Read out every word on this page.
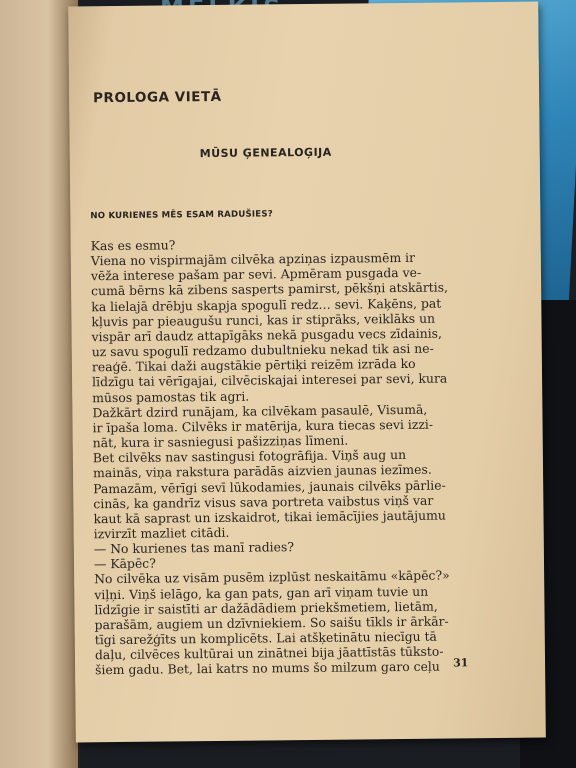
PROLOGA VIETĀ
MŪSU ĢENEALOĢIJA
NO KURIENES MĒS ESAM RADUŠIES?
Kas es esmu?
Viena no vispirmajām cilvēka apziņas izpausmēm ir
vēža interese pašam par sevi. Apmēram pusgada ve-
cumā bērns kā zibens sasperts pamirst, pēkšņi atskārtis,
ka lielajā drēbju skapja spogulī redz… sevi. Kaķēns, pat
kļuvis par pieaugušu runci, kas ir stiprāks, veiklāks un
vispār arī daudz attapīgāks nekā pusgadu vecs zīdainis,
uz savu spogulī redzamo dubultnieku nekad tik asi ne-
reaģē. Tikai daži augstākie pērtiķi reizēm izrāda ko
līdzīgu tai vērīgajai, cilvēciskajai interesei par sevi, kura
mūsos pamostas tik agri.
Dažkārt dzird runājam, ka cilvēkam pasaulē, Visumā,
ir īpaša loma. Cilvēks ir matērija, kura tiecas sevi izzi-
nāt, kura ir sasniegusi pašizziņas līmeni.
Bet cilvēks nav sastingusi fotogrāfija. Viņš aug un
mainās, viņa rakstura parādās aizvien jaunas iezīmes.
Pamazām, vērīgi sevī lūkodamies, jaunais cilvēks pārlie-
cinās, ka gandrīz visus sava portreta vaibstus viņš var
kaut kā saprast un izskaidrot, tikai iemācījies jautājumu
izvirzīt mazliet citādi.
— No kurienes tas manī radies?
— Kāpēc?
No cilvēka uz visām pusēm izplūst neskaitāmu «kāpēc?»
viļņi. Viņš ielāgo, ka gan pats, gan arī viņam tuvie un
līdzīgie ir saistīti ar dažādādiem priekšmetiem, lietām,
parašām, augiem un dzīvniekiem. So saišu tīkls ir ārkār-
tīgi sarežģīts un komplicēts. Lai atšķetinātu niecīgu tā
daļu, cilvēces kultūrai un zinātnei bija jāattīstās tūksto-
šiem gadu. Bet, lai katrs no mums šo milzum garo ceļu	31
